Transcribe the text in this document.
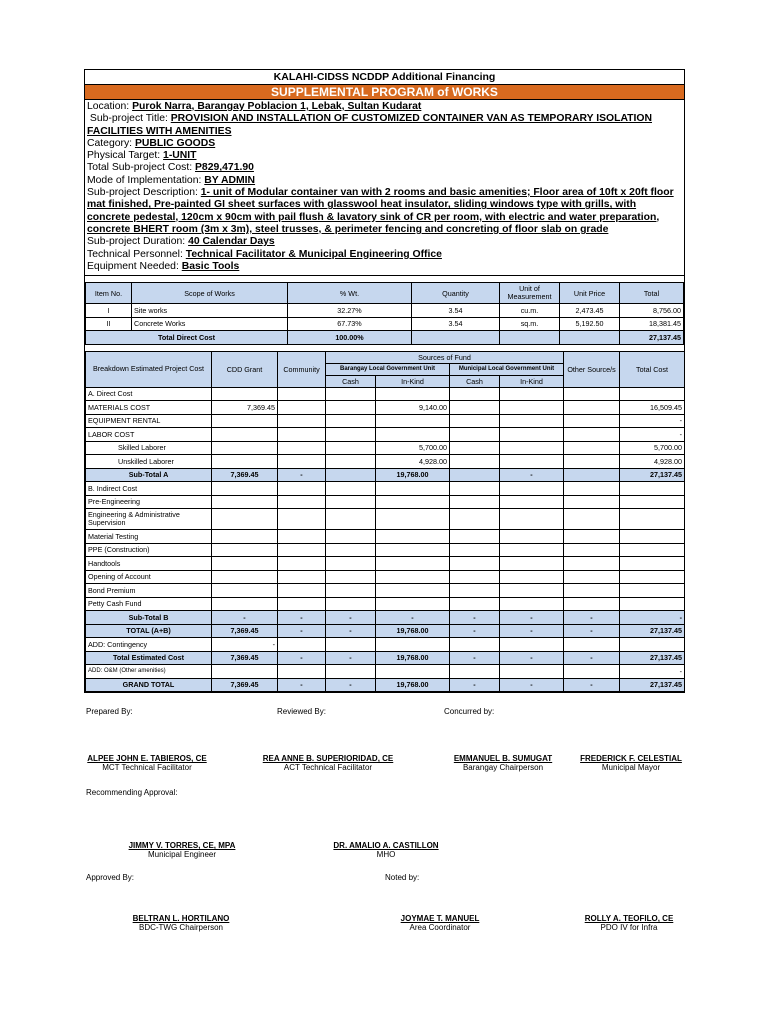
KALAHI-CIDSS NCDDP Additional Financing
SUPPLEMENTAL PROGRAM of WORKS
Location: Purok Narra, Barangay Poblacion 1, Lebak, Sultan Kudarat
Sub-project Title: PROVISION AND INSTALLATION OF CUSTOMIZED CONTAINER VAN AS TEMPORARY ISOLATION FACILITIES WITH AMENITIES
Category: PUBLIC GOODS
Physical Target: 1-UNIT
Total Sub-project Cost: P829,471.90
Mode of Implementation: BY ADMIN
Sub-project Description: 1- unit of Modular container van with 2 rooms and basic amenities; Floor area of 10ft x 20ft floor mat finished, Pre-painted GI sheet surfaces with glasswool heat insulator, sliding windows type with grills, with concrete pedestal, 120cm x 90cm with pail flush & lavatory sink of CR per room, with electric and water preparation, concrete BHERT room (3m x 3m), steel trusses, & perimeter fencing and concreting of floor slab on grade
Sub-project Duration: 40 Calendar Days
Technical Personnel: Technical Facilitator & Municipal Engineering Office
Equipment Needed: Basic Tools
Item No.	Scope of Works	% Wt.	Quantity	Unit of Measurement	Unit Price	Total
I	Site works	32.27%	3.54	cu.m.	2,473.45	8,756.00
II	Concrete Works	67.73%	3.54	sq.m.	5,192.50	18,381.45
Total Direct Cost		100.00%				27,137.45
Breakdown Estimated Project Cost	CDD Grant	Community	Sources of Fund				Other Source/s	Total Cost
			Barangay Local Government Unit		Municipal Local Government Unit			
			Cash	In-Kind	Cash	In-Kind		
A. Direct Cost								
MATERIALS COST	7,369.45			9,140.00				16,509.45
EQUIPMENT RENTAL								-
LABOR COST								-
Skilled Laborer				5,700.00				5,700.00
Unskilled Laborer				4,928.00				4,928.00
Sub-Total A	7,369.45	-		19,768.00		-		27,137.45
B. Indirect Cost								
Pre-Engineering								
Engineering & Administrative Supervision								
Material Testing								
PPE (Construction)								
Handtools								
Opening of Account								
Bond Premium								
Petty Cash Fund								
Sub-Total B	-	-	-	-	-	-	-	-
TOTAL (A+B)	7,369.45	-	-	19,768.00	-	-	-	27,137.45
ADD: Contingency	-							
Total Estimated Cost	7,369.45	-	-	19,768.00	-	-	-	27,137.45
ADD: O&M (Other amenities)								-
GRAND TOTAL	7,369.45	-	-	19,768.00	-	-	-	27,137.45
Prepared By:	Reviewed By:	Concurred by:
ALPEE JOHN E. TABIEROS, CE
MCT Technical Facilitator
REA ANNE B. SUPERIORIDAD, CE
ACT Technical Facilitator
EMMANUEL B. SUMUGAT
Barangay Chairperson
FREDERICK F. CELESTIAL
Municipal Mayor
Recommending Approval:
JIMMY V. TORRES, CE, MPA
Municipal Engineer
DR. AMALIO A. CASTILLON
MHO
Approved By:	Noted by:
BELTRAN L. HORTILANO
BDC-TWG Chairperson
JOYMAE T. MANUEL
Area Coordinator
ROLLY A. TEOFILO, CE
PDO IV for Infra
